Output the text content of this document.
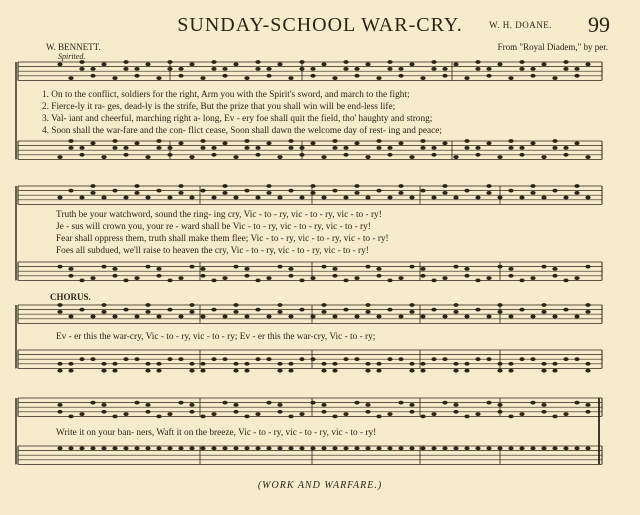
SUNDAY-SCHOOL WAR-CRY.	W. H. DOANE. 99
W. BENNETT.	From "Royal Diadem," by per.
Spirited.
1. On to the conflict, soldiers for the right, Arm you with the Spirit's sword, and march to the fight;
2. Fierce-ly it ra- ges, dead-ly is the strife, But the prize that you shall win will be end-less life;
3. Val- iant and cheerful, marching right a- long, Ev - ery foe shall quit the field, tho' haughty and strong;
4. Soon shall the war-fare and the con- flict cease, Soon shall dawn the welcome day of rest- ing and peace;
Truth be your watchword, sound the ring- ing cry, Vic - to - ry, vic - to - ry, vic - to - ry!
Je - sus will crown you, your re - ward shall be Vic - to - ry, vic - to - ry, vic - to - ry!
Fear shall oppress them, truth shall make them flee; Vic - to - ry, vic - to - ry, vic - to - ry!
Foes all subdued, we'll raise to heaven the cry, Vic - to - ry, vic - to - ry, vic - to - ry!
CHORUS.
Ev - er this the war-cry, Vic - to - ry, vic - to - ry; Ev - er this the war-cry, Vic - to - ry;
Write it on your ban- ners, Waft it on the breeze, Vic - to - ry, vic - to - ry, vic - to - ry!
(WORK AND WARFARE.)
